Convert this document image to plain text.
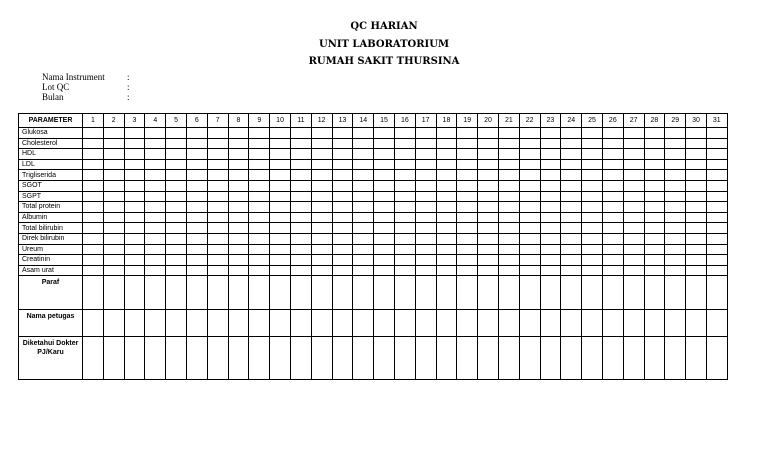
QC HARIAN
UNIT LABORATORIUM
RUMAH SAKIT THURSINA
Nama Instrument :
Lot QC	:
Bulan	:
PARAMETER	1	2	3	4	5	6	7	8	9	10	11	12	13	14	15	16	17	18	19	20	21	22	23	24	25	26	27	28	29	30	31
Glukosa																															
Cholesterol																															
HDL																															
LDL																															
Trigliserida																															
SGOT																															
SGPT																															
Total protein																															
Albumin																															
Total bilirubin																															
Direk bilirubin																															
Ureum																															
Creatinin																															
Asam urat																															
Paraf																															
Nama petugas																															
Diketahui Dokter PJ/Karu																															
